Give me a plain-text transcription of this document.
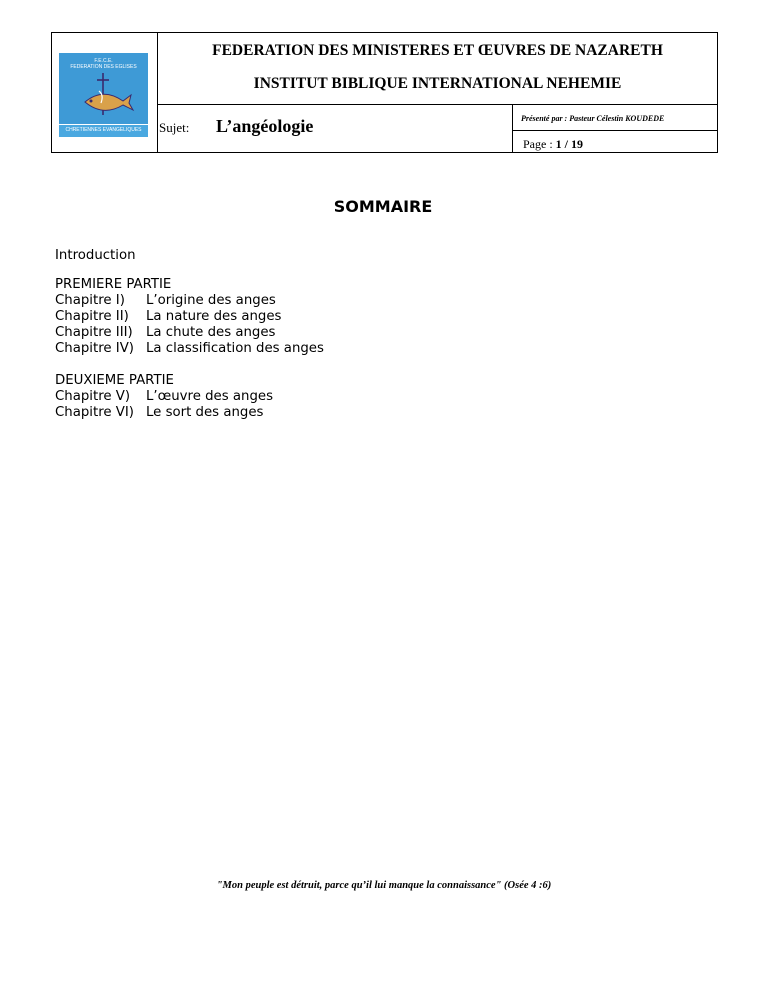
F.E.C.E.
FEDERATION DES EGLISES
CHRETIENNES EVANGELIQUES
FEDERATION DES MINISTERES ET ŒUVRES DE NAZARETH
INSTITUT BIBLIQUE INTERNATIONAL NEHEMIE
Sujet: L’angéologie	Présenté par : Pasteur Célestin KOUDEDE
Page : 1 / 19
SOMMAIRE
Introduction
PREMIERE PARTIE
Chapitre I) L’origine des anges
Chapitre II) La nature des anges
Chapitre III) La chute des anges
Chapitre IV) La classification des anges
DEUXIEME PARTIE
Chapitre V) L’œuvre des anges
Chapitre VI) Le sort des anges
"Mon peuple est détruit, parce qu’il lui manque la connaissance" (Osée 4 :6)
